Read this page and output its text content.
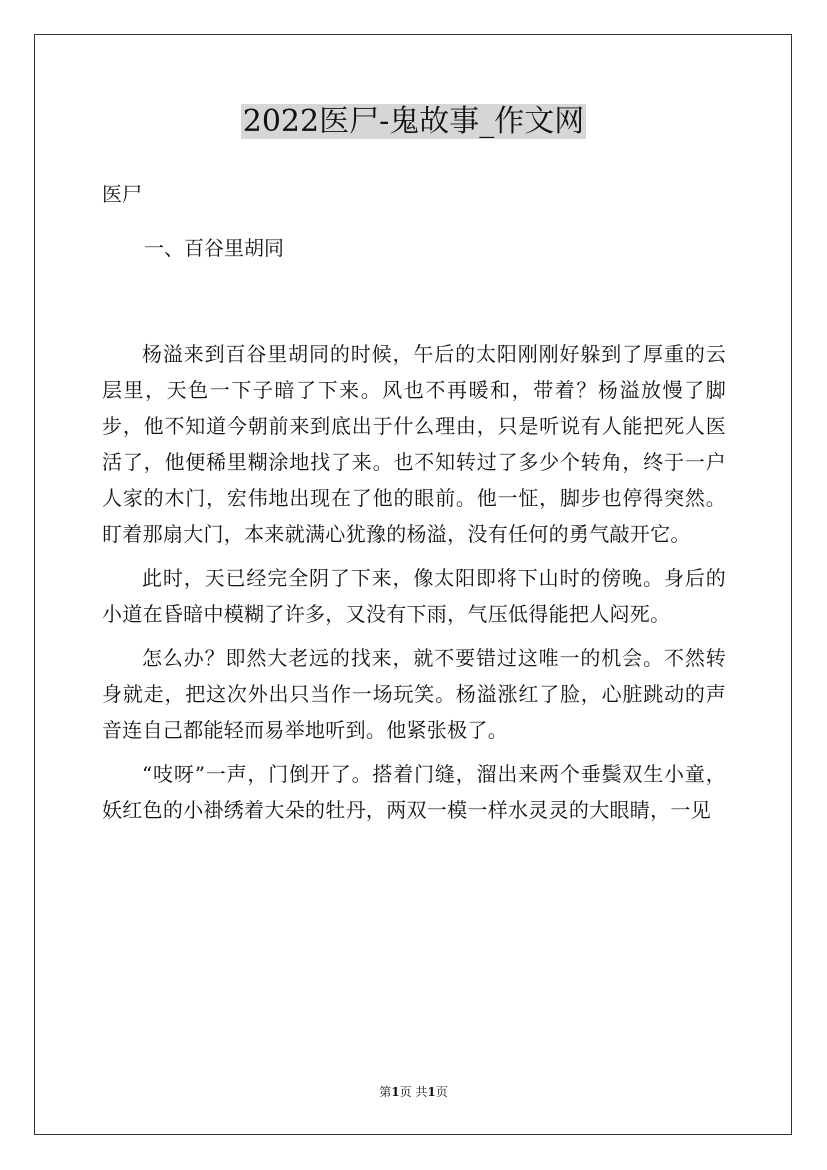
2022医尸-鬼故事_作文网

医尸

一、百谷里胡同

杨溢来到百谷里胡同的时候，午后的太阳刚刚好躲到了厚重的云层里，天色一下子暗了下来。风也不再暖和，带着？杨溢放慢了脚步，他不知道今朝前来到底出于什么理由，只是听说有人能把死人医活了，他便稀里糊涂地找了来。也不知转过了多少个转角，终于一户人家的木门，宏伟地出现在了他的眼前。他一怔，脚步也停得突然。盯着那扇大门，本来就满心犹豫的杨溢，没有任何的勇气敲开它。

此时，天已经完全阴了下来，像太阳即将下山时的傍晚。身后的小道在昏暗中模糊了许多，又没有下雨，气压低得能把人闷死。

怎么办？即然大老远的找来，就不要错过这唯一的机会。不然转身就走，把这次外出只当作一场玩笑。杨溢涨红了脸，心脏跳动的声音连自己都能轻而易举地听到。他紧张极了。

“吱呀”一声，门倒开了。搭着门缝，溜出来两个垂鬓双生小童，妖红色的小褂绣着大朵的牡丹，两双一模一样水灵灵的大眼睛，一见

第1页 共1页
